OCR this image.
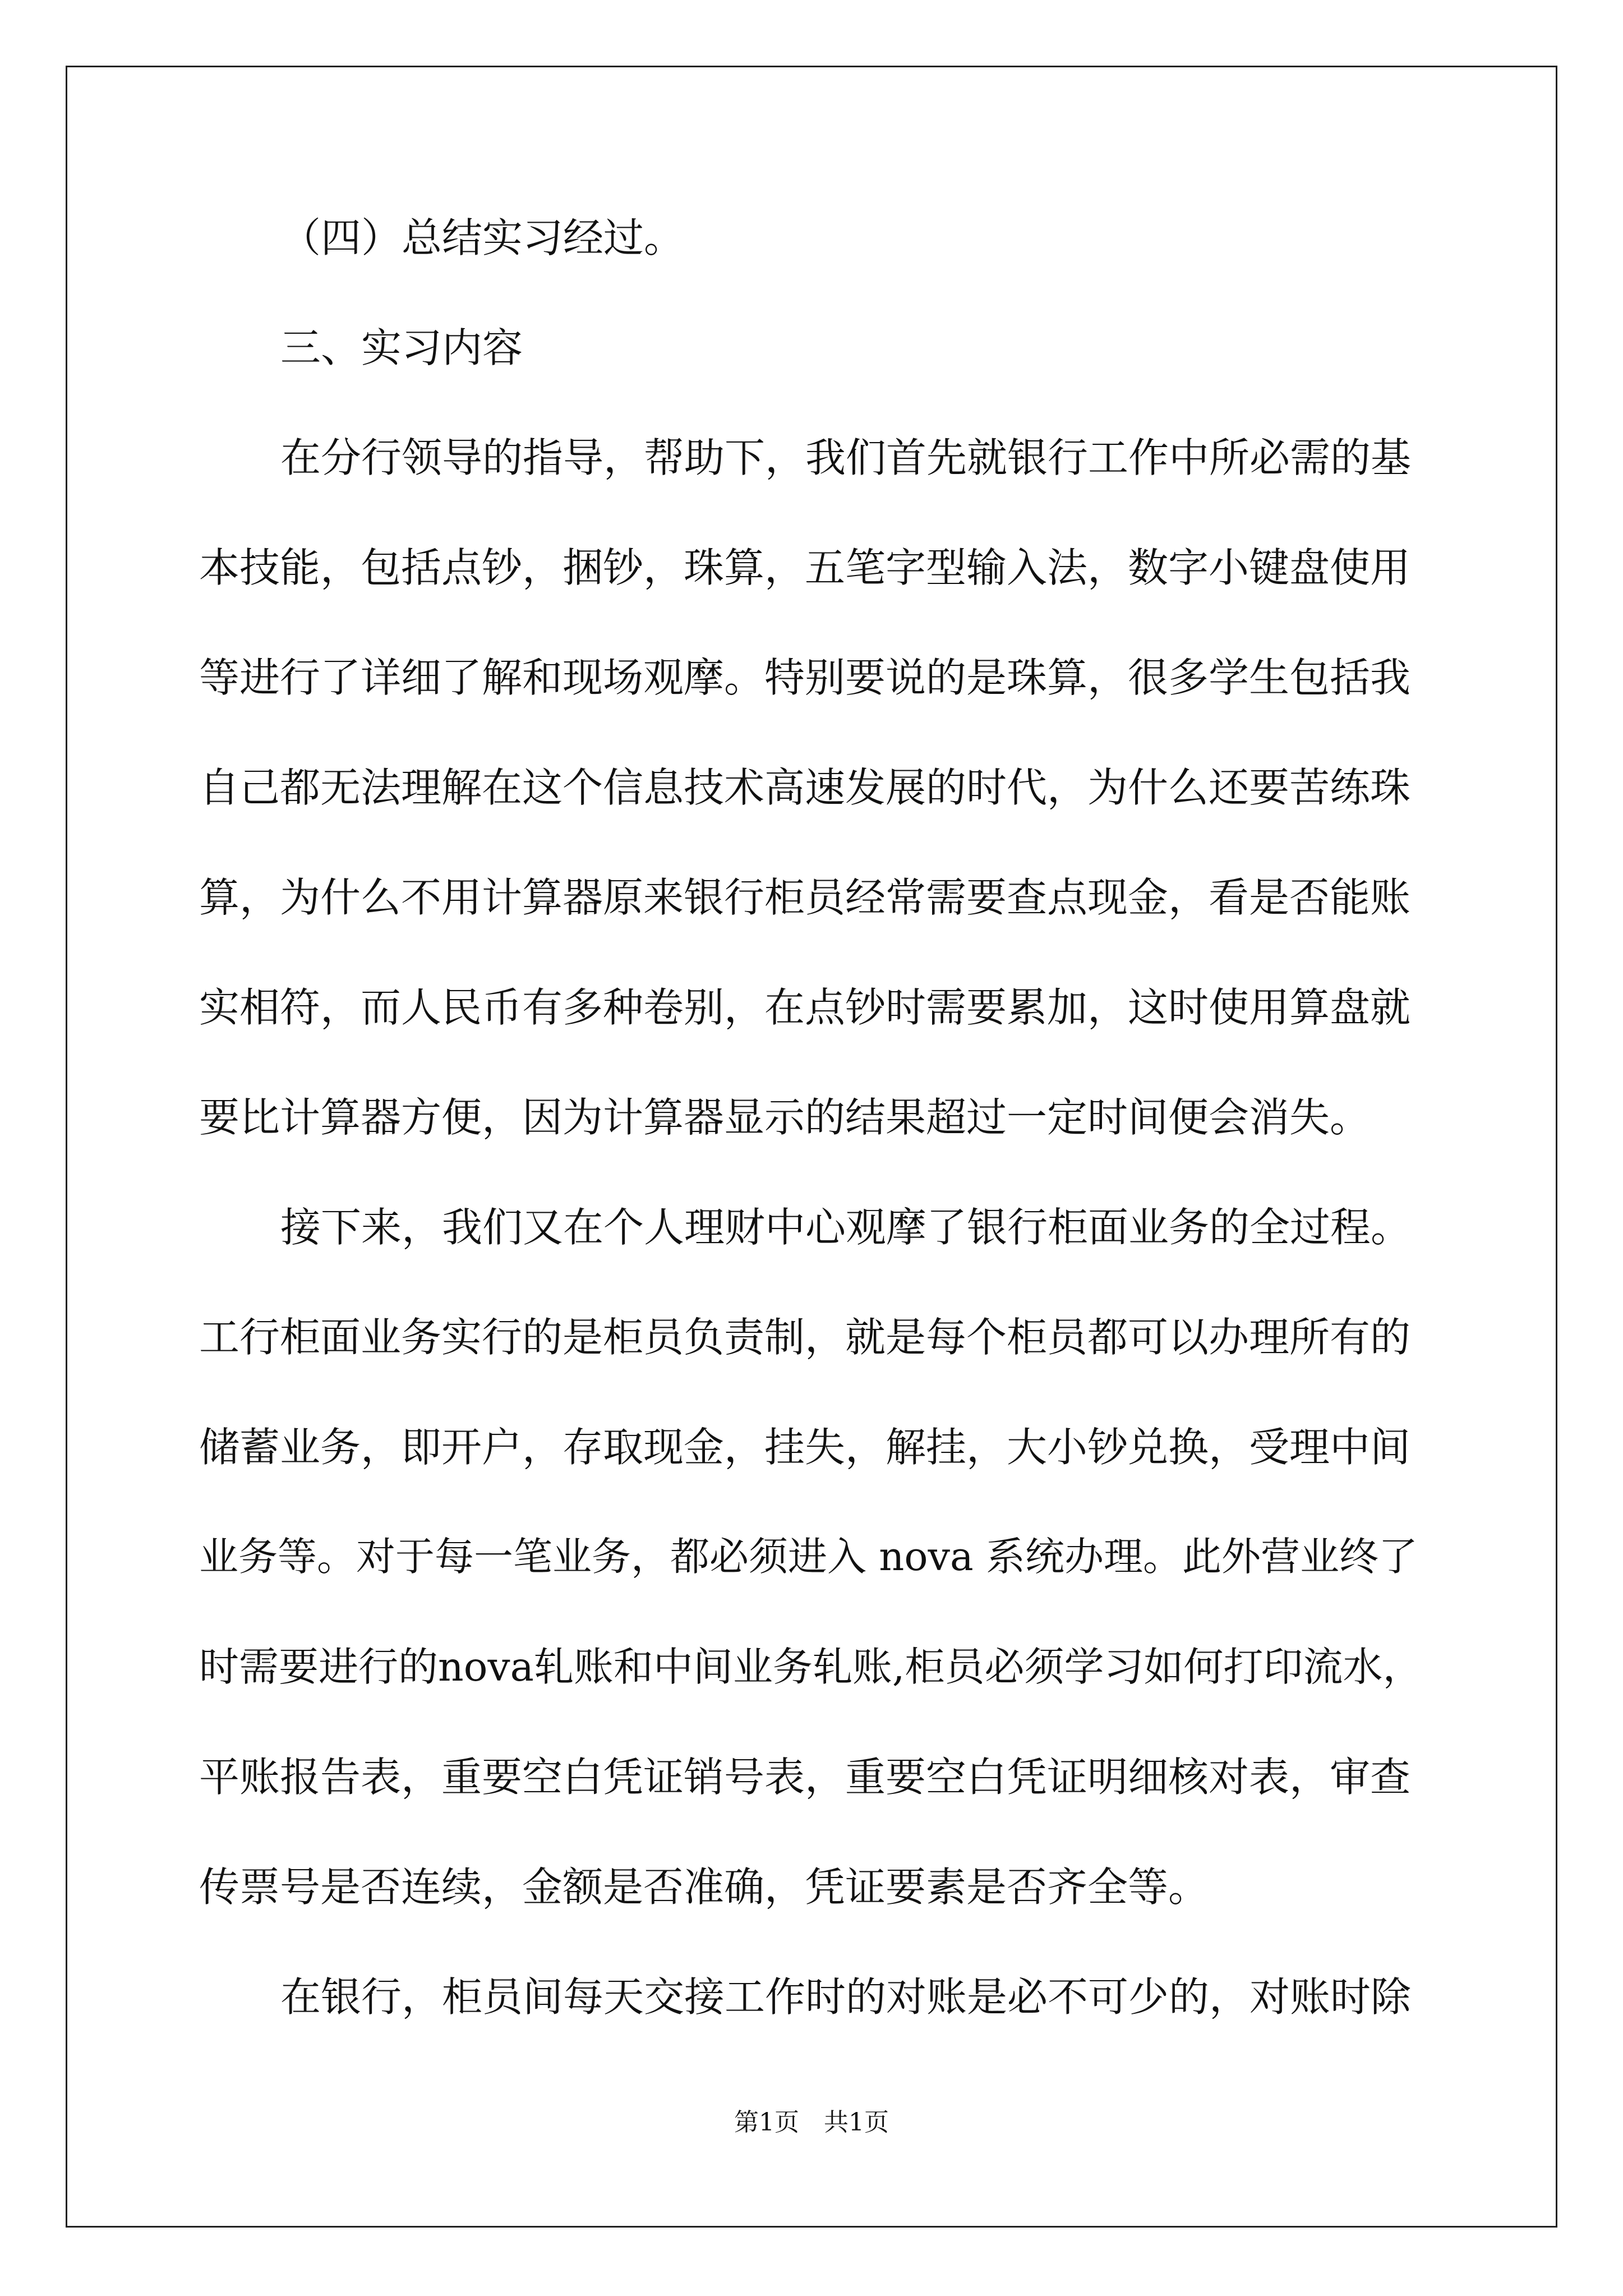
（四）总结实习经过。
三、实习内容
在分行领导的指导，帮助下，我们首先就银行工作中所必需的基
本技能，包括点钞，捆钞，珠算，五笔字型输入法，数字小键盘使用
等进行了详细了解和现场观摩。特别要说的是珠算，很多学生包括我
自己都无法理解在这个信息技术高速发展的时代，为什么还要苦练珠
算，为什么不用计算器原来银行柜员经常需要查点现金，看是否能账
实相符，而人民币有多种卷别，在点钞时需要累加，这时使用算盘就
要比计算器方便，因为计算器显示的结果超过一定时间便会消失。
接下来，我们又在个人理财中心观摩了银行柜面业务的全过程。
工行柜面业务实行的是柜员负责制，就是每个柜员都可以办理所有的
储蓄业务，即开户，存取现金，挂失，解挂，大小钞兑换，受理中间
业务等。对于每一笔业务，都必须进入 nova 系统办理。此外营业终了
时需要进行的nova轧账和中间业务轧账,柜员必须学习如何打印流水，
平账报告表，重要空白凭证销号表，重要空白凭证明细核对表，审查
传票号是否连续，金额是否准确，凭证要素是否齐全等。
在银行，柜员间每天交接工作时的对账是必不可少的，对账时除
第1页　共1页
